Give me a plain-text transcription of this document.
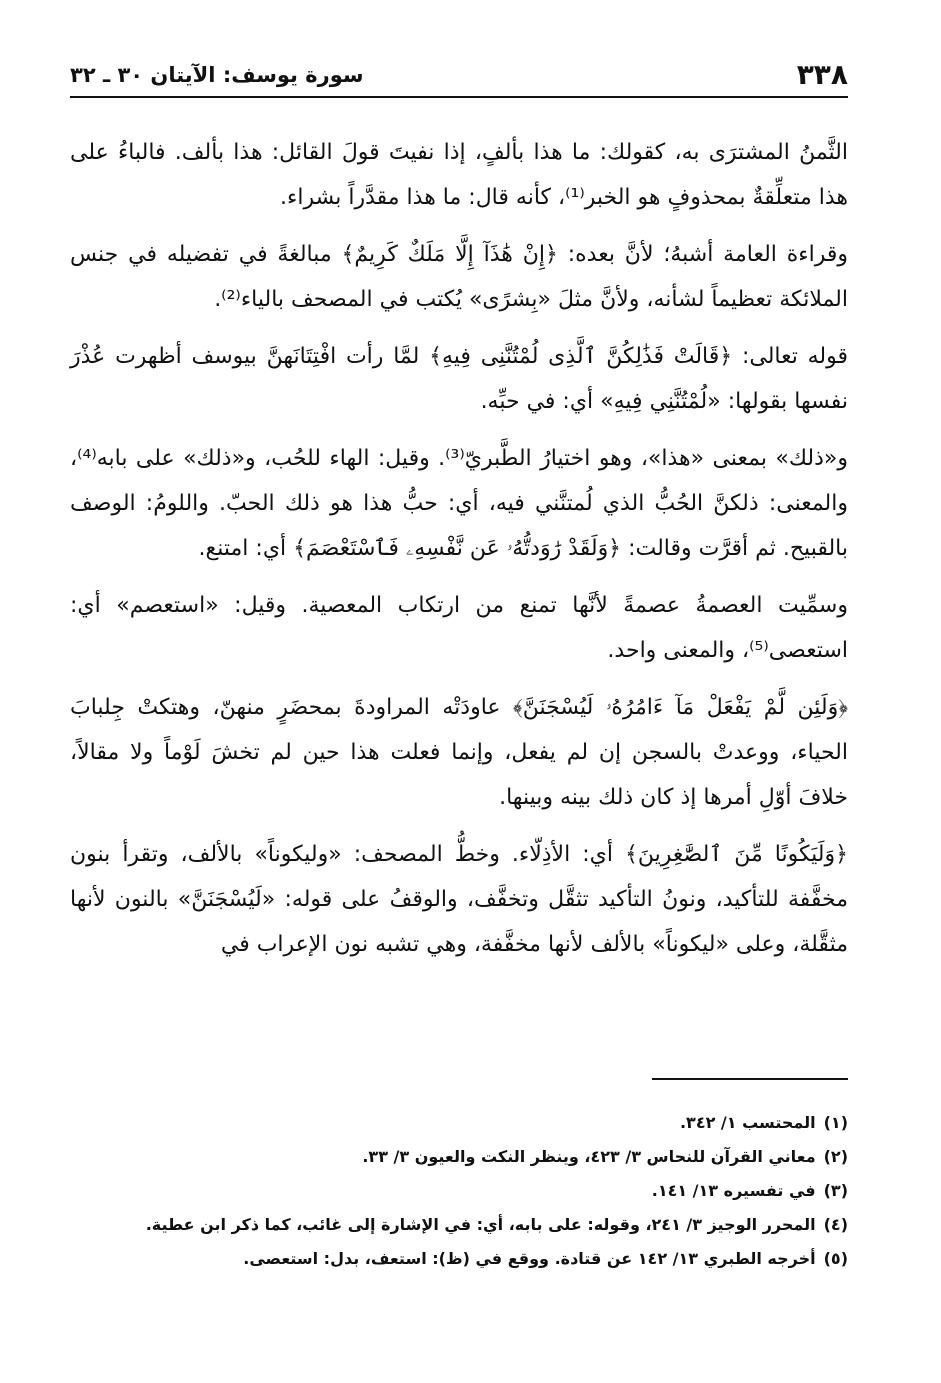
٣٣٨
سورة يوسف: الآيتان ٣٠ ـ ٣٢

الثَّمنُ المشترَى به، كقولك: ما هذا بألفٍ، إذا نفيتَ قولَ القائل: هذا بألف. فالباءُ على هذا متعلِّقةٌ بمحذوفٍ هو الخبر⁽¹⁾، كأنه قال: ما هذا مقدَّراً بشراء.

وقراءة العامة أشبهُ؛ لأنَّ بعده: ﴿إِنْ هَٰذَآ إِلَّا مَلَكٌ كَرِيمٌ﴾ مبالغةً في تفضيله في جنس الملائكة تعظيماً لشأنه، ولأنَّ مثلَ «بِشرًى» يُكتب في المصحف بالياء⁽²⁾.

قوله تعالى: ﴿قَالَتْ فَذَٰلِكُنَّ ٱلَّذِى لُمْتُنَّنِى فِيهِ﴾ لمَّا رأت افْتِتَانَهنَّ بيوسف أظهرت عُذْرَ نفسها بقولها: «لُمْتُنَّنِي فِيهِ» أي: في حبِّه.

و«ذلك» بمعنى «هذا»، وهو اختيارُ الطَّبريّ⁽³⁾. وقيل: الهاء للحُب، و«ذلك» على بابه⁽⁴⁾، والمعنى: ذلكنَّ الحُبُّ الذي لُمتنَّني فيه، أي: حبُّ هذا هو ذلك الحبّ. واللومُ: الوصف بالقبيح. ثم أقرَّت وقالت: ﴿وَلَقَدْ رَٰوَدتُّهُۥ عَن نَّفْسِهِۦ فَٱسْتَعْصَمَ﴾ أي: امتنع.

وسمِّيت العصمةُ عصمةً لأنَّها تمنع من ارتكاب المعصية. وقيل: «استعصم» أي: استعصى⁽⁵⁾، والمعنى واحد.

﴿وَلَئِن لَّمْ يَفْعَلْ مَآ ءَامُرُهُۥ لَيُسْجَنَنَّ﴾ عاودَتْه المراودةَ بمحضَرٍ منهنّ، وهتكتْ جِلبابَ الحياء، ووعدتْ بالسجن إن لم يفعل، وإنما فعلت هذا حين لم تخشَ لَوْماً ولا مقالاً، خلافَ أوّلِ أمرها إذ كان ذلك بينه وبينها.

﴿وَلَيَكُونًا مِّنَ ٱلصَّٰغِرِينَ﴾ أي: الأذِلّاء. وخطُّ المصحف: «وليكوناً» بالألف، وتقرأ بنون مخفَّفة للتأكيد، ونونُ التأكيد تثقَّل وتخفَّف، والوقفُ على قوله: «لَيُسْجَنَنَّ» بالنون لأنها مثقَّلة، وعلى «ليكوناً» بالألف لأنها مخفَّفة، وهي تشبه نون الإعراب في

(١)المحتسب ١/ ٣٤٢.
(٢)معاني القرآن للنحاس ٣/ ٤٢٣، وينظر النكت والعيون ٣/ ٣٣.
(٣)في تفسيره ١٣/ ١٤١.
(٤)المحرر الوجيز ٣/ ٢٤١، وقوله: على بابه، أي: في الإشارة إلى غائب، كما ذكر ابن عطية.
(٥)أخرجه الطبري ١٣/ ١٤٢ عن قتادة. ووقع في (ظ): استعف، بدل: استعصى.
